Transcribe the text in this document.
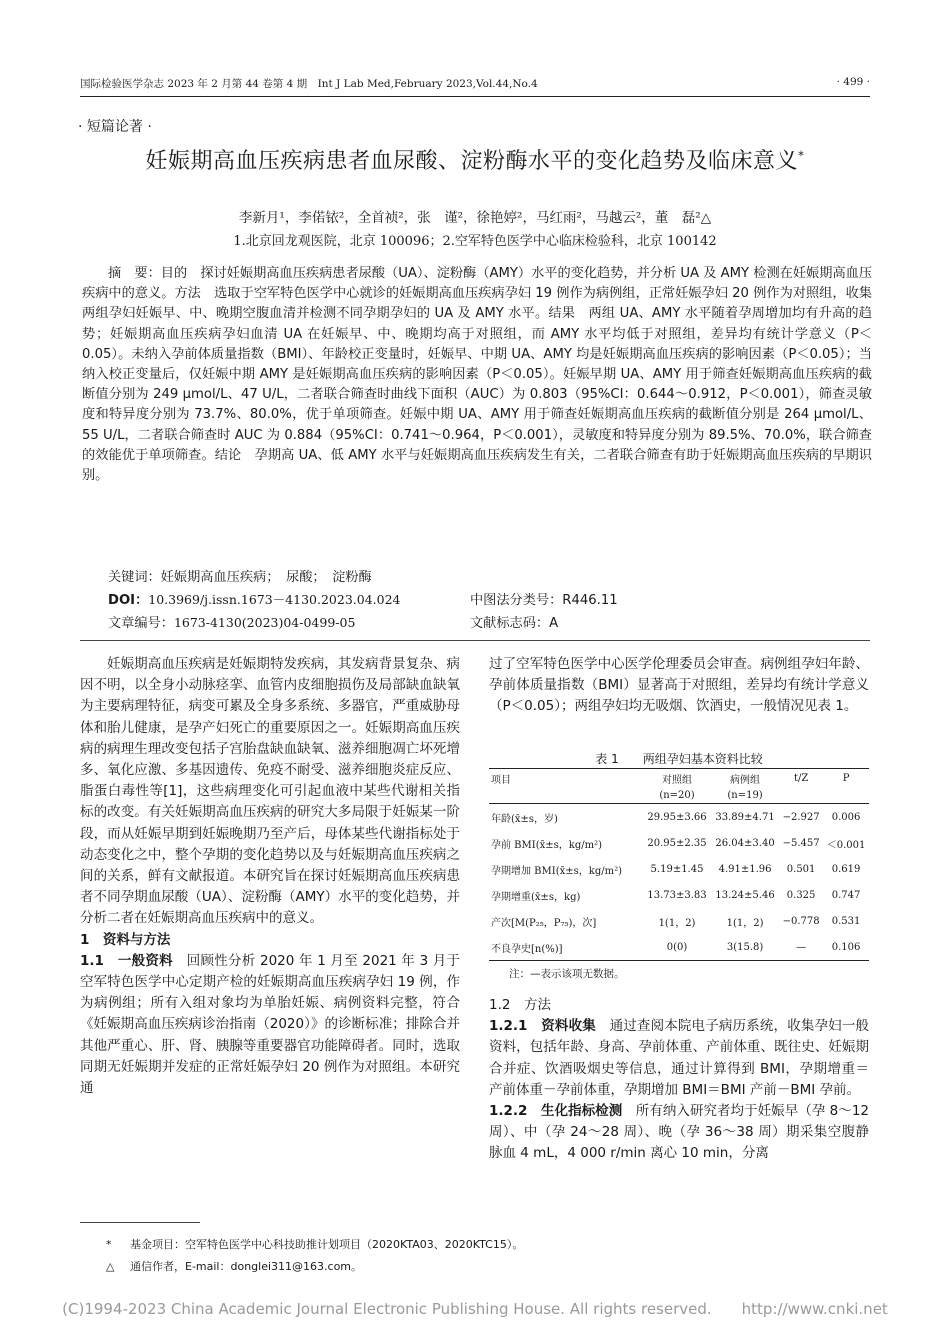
国际检验医学杂志 2023 年 2 月第 44 卷第 4 期　Int J Lab Med,February 2023,Vol.44,No.4	· 499 ·
· 短篇论著 ·
妊娠期高血压疾病患者血尿酸、淀粉酶水平的变化趋势及临床意义*
李新月¹，李偌铱²，全首祯²，张　谨²，徐艳婷²，马红雨²，马越云²，董　磊²△
1.北京回龙观医院，北京 100096；2.空军特色医学中心临床检验科，北京 100142
摘　要：目的　探讨妊娠期高血压疾病患者尿酸（UA）、淀粉酶（AMY）水平的变化趋势，并分析 UA 及 AMY 检测在妊娠期高血压疾病中的意义。方法　选取于空军特色医学中心就诊的妊娠期高血压疾病孕妇 19 例作为病例组，正常妊娠孕妇 20 例作为对照组，收集两组孕妇妊娠早、中、晚期空腹血清并检测不同孕期孕妇的 UA 及 AMY 水平。结果　两组 UA、AMY 水平随着孕周增加均有升高的趋势；妊娠期高血压疾病孕妇血清 UA 在妊娠早、中、晚期均高于对照组，而 AMY 水平均低于对照组，差异均有统计学意义（P＜0.05）。未纳入孕前体质量指数（BMI）、年龄校正变量时，妊娠早、中期 UA、AMY 均是妊娠期高血压疾病的影响因素（P＜0.05）；当纳入校正变量后，仅妊娠中期 AMY 是妊娠期高血压疾病的影响因素（P＜0.05）。妊娠早期 UA、AMY 用于筛查妊娠期高血压疾病的截断值分别为 249 μmol/L、47 U/L，二者联合筛查时曲线下面积（AUC）为 0.803（95%CI：0.644～0.912，P＜0.001），筛查灵敏度和特异度分别为 73.7%、80.0%，优于单项筛查。妊娠中期 UA、AMY 用于筛查妊娠期高血压疾病的截断值分别是 264 μmol/L、55 U/L，二者联合筛查时 AUC 为 0.884（95%CI：0.741～0.964，P＜0.001），灵敏度和特异度分别为 89.5%、70.0%，联合筛查的效能优于单项筛查。结论　孕期高 UA、低 AMY 水平与妊娠期高血压疾病发生有关，二者联合筛查有助于妊娠期高血压疾病的早期识别。
关键词：妊娠期高血压疾病；　尿酸；　淀粉酶
DOI：10.3969/j.issn.1673－4130.2023.04.024	中图法分类号：R446.11
文章编号：1673-4130(2023)04-0499-05	文献标志码：A

妊娠期高血压疾病是妊娠期特发疾病，其发病背景复杂、病因不明，以全身小动脉痉挛、血管内皮细胞损伤及局部缺血缺氧为主要病理特征，病变可累及全身多系统、多器官，严重威胁母体和胎儿健康，是孕产妇死亡的重要原因之一。妊娠期高血压疾病的病理生理改变包括子宫胎盘缺血缺氧、滋养细胞凋亡坏死增多、氧化应激、多基因遗传、免疫不耐受、滋养细胞炎症反应、脂蛋白毒性等[1]，这些病理变化可引起血液中某些代谢相关指标的改变。有关妊娠期高血压疾病的研究大多局限于妊娠某一阶段，而从妊娠早期到妊娠晚期乃至产后，母体某些代谢指标处于动态变化之中，整个孕期的变化趋势以及与妊娠期高血压疾病之间的关系，鲜有文献报道。本研究旨在探讨妊娠期高血压疾病患者不同孕期血尿酸（UA）、淀粉酶（AMY）水平的变化趋势，并分析二者在妊娠期高血压疾病中的意义。

1　资料与方法

1.1　一般资料　回顾性分析 2020 年 1 月至 2021 年 3 月于空军特色医学中心定期产检的妊娠期高血压疾病孕妇 19 例，作为病例组；所有入组对象均为单胎妊娠、病例资料完整，符合《妊娠期高血压疾病诊治指南（2020）》的诊断标准；排除合并其他严重心、肝、肾、胰腺等重要器官功能障碍者。同时，选取同期无妊娠期并发症的正常妊娠孕妇 20 例作为对照组。本研究通

过了空军特色医学中心医学伦理委员会审查。病例组孕妇年龄、孕前体质量指数（BMI）显著高于对照组，差异均有统计学意义（P＜0.05）；两组孕妇均无吸烟、饮酒史，一般情况见表 1。

表 1　　两组孕妇基本资料比较
项目	对照组	病例组	t/Z	P
	(n=20)	(n=19)		
年龄(x̄±s，岁)	29.95±3.66	33.89±4.71	−2.927	0.006
孕前 BMI(x̄±s，kg/m²)	20.95±2.35	26.04±3.40	−5.457	＜0.001
孕期增加 BMI(x̄±s，kg/m²)	5.19±1.45	4.91±1.96	0.501	0.619
孕期增重(x̄±s，kg)	13.73±3.83	13.24±5.46	0.325	0.747
产次[M(P₂₅，P₇₅)，次]	1(1，2)	1(1，2)	−0.778	0.531
不良孕史[n(%)]	0(0)	3(15.8)	—	0.106
注：—表示该项无数据。

1.2　方法

1.2.1　资料收集　通过查阅本院电子病历系统，收集孕妇一般资料，包括年龄、身高、孕前体重、产前体重、既往史、妊娠期合并症、饮酒吸烟史等信息，通过计算得到 BMI，孕期增重＝产前体重－孕前体重，孕期增加 BMI＝BMI 产前－BMI 孕前。

1.2.2　生化指标检测　所有纳入研究者均于妊娠早（孕 8～12 周）、中（孕 24～28 周）、晚（孕 36～38 周）期采集空腹静脉血 4 mL，4 000 r/min 离心 10 min，分离

* 基金项目：空军特色医学中心科技助推计划项目（2020KTA03、2020KTC15）。
△ 通信作者，E-mail：donglei311@163.com。
(C)1994-2023 China Academic Journal Electronic Publishing House. All rights reserved.　　http://www.cnki.net
